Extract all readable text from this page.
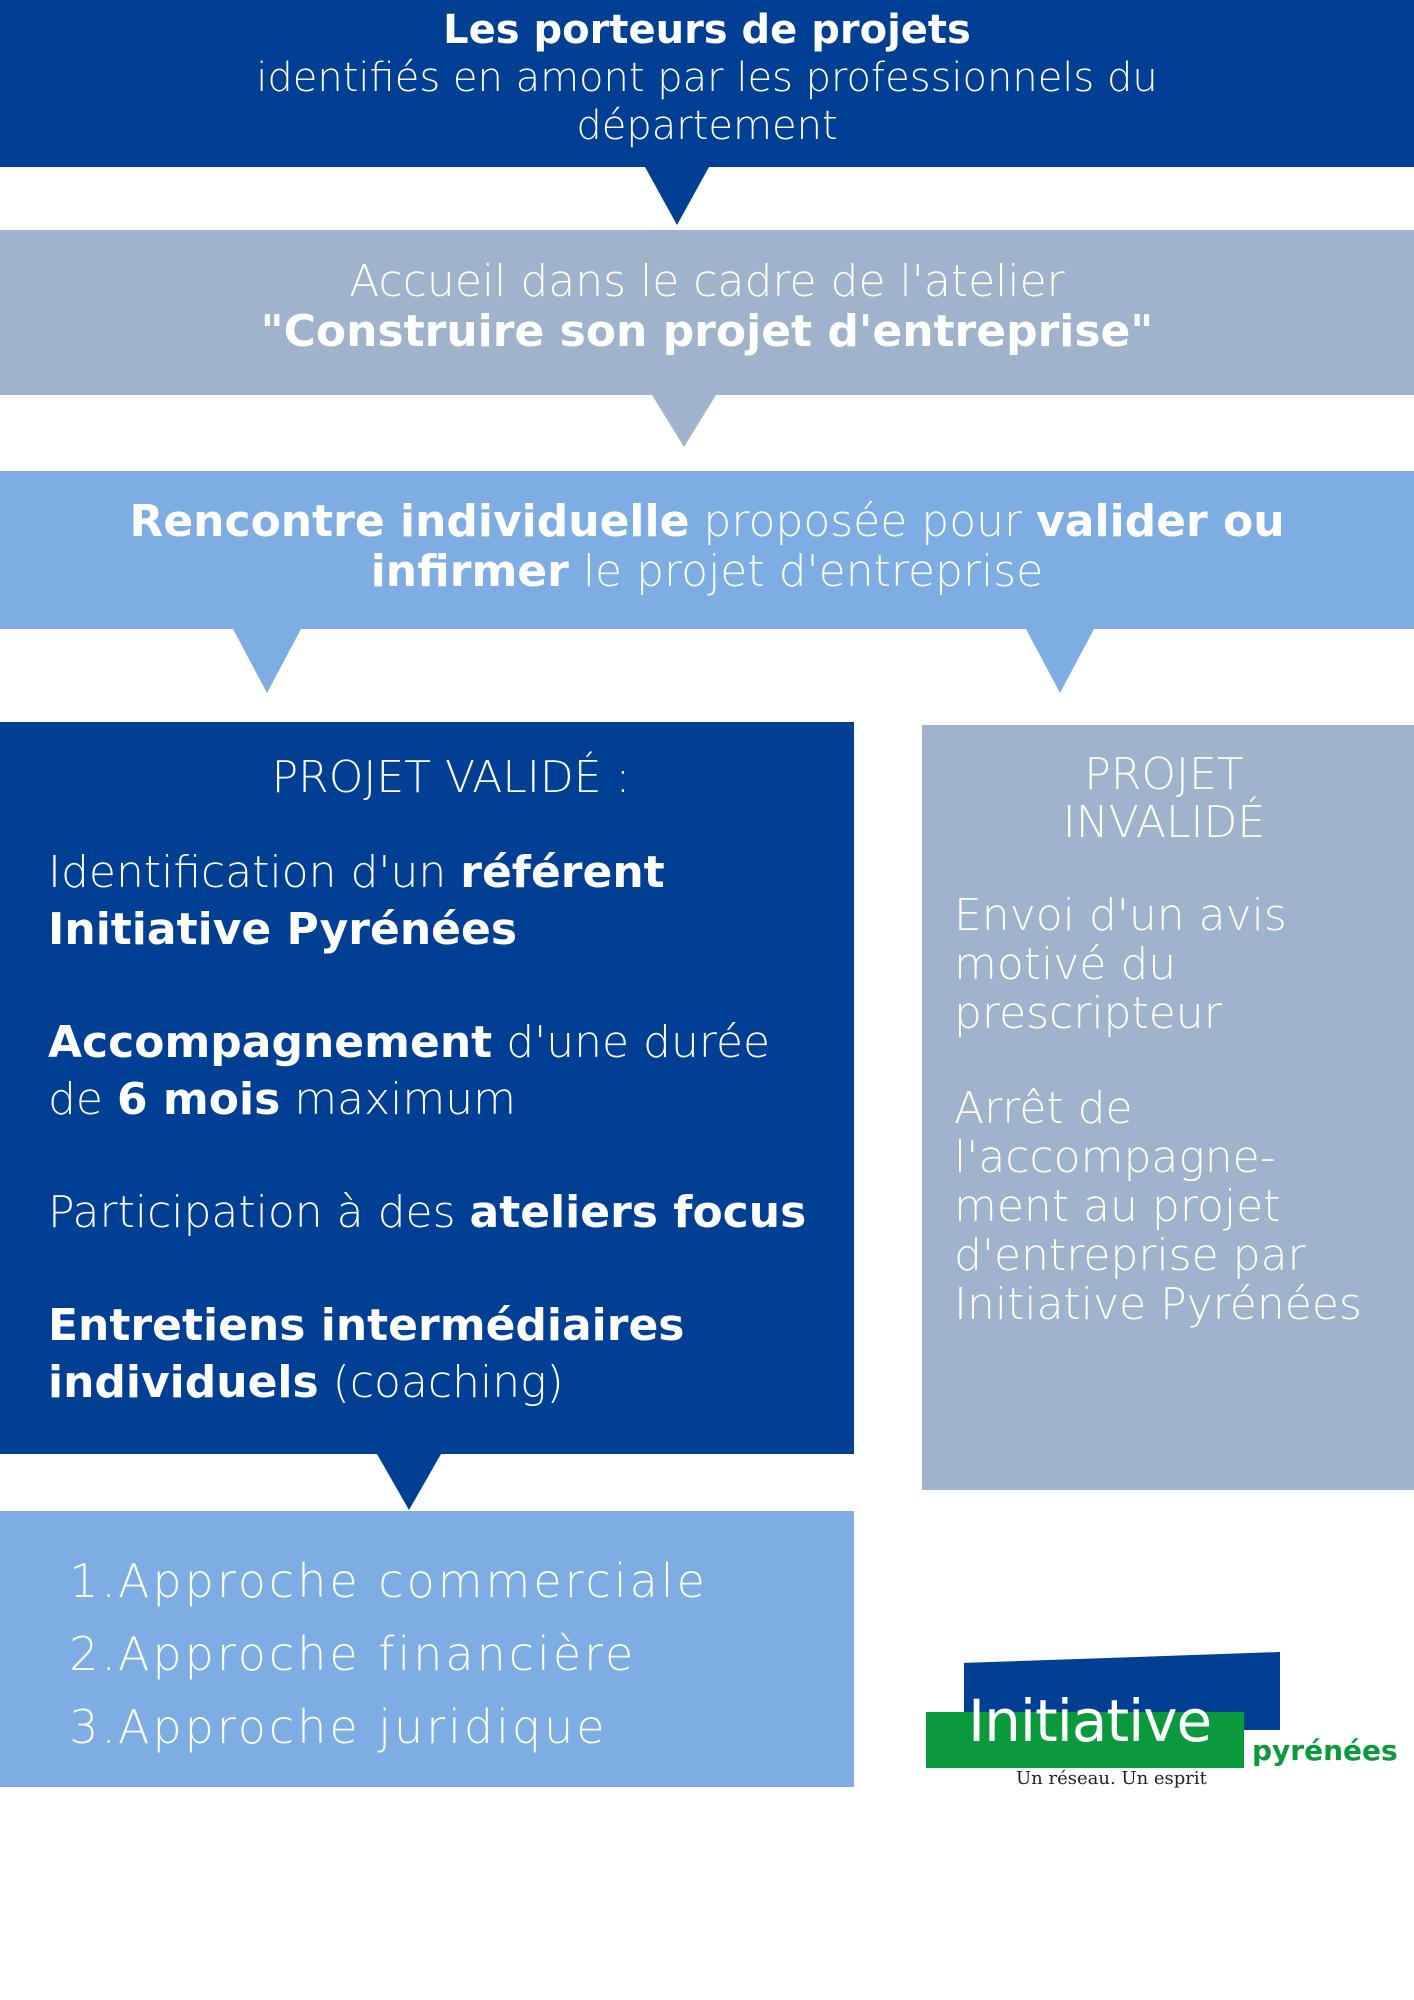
Les porteurs de projets
identifiés en amont par les professionnels du département
Accueil dans le cadre de l'atelier
"Construire son projet d'entreprise"
Rencontre individuelle proposée pour valider ou infirmer le projet d'entreprise
PROJET VALIDÉ :
Identification d'un référent Initiative Pyrénées
Accompagnement d'une durée de 6 mois maximum
Participation à des ateliers focus
Entretiens intermédiaires individuels (coaching)
PROJET INVALIDÉ
Envoi d'un avis motivé du prescripteur
Arrêt de l'accompagne-ment au projet d'entreprise par Initiative Pyrénées
1. Approche commerciale
2. Approche financière
3. Approche juridique	Initiative pyrénées
Un réseau. Un esprit
